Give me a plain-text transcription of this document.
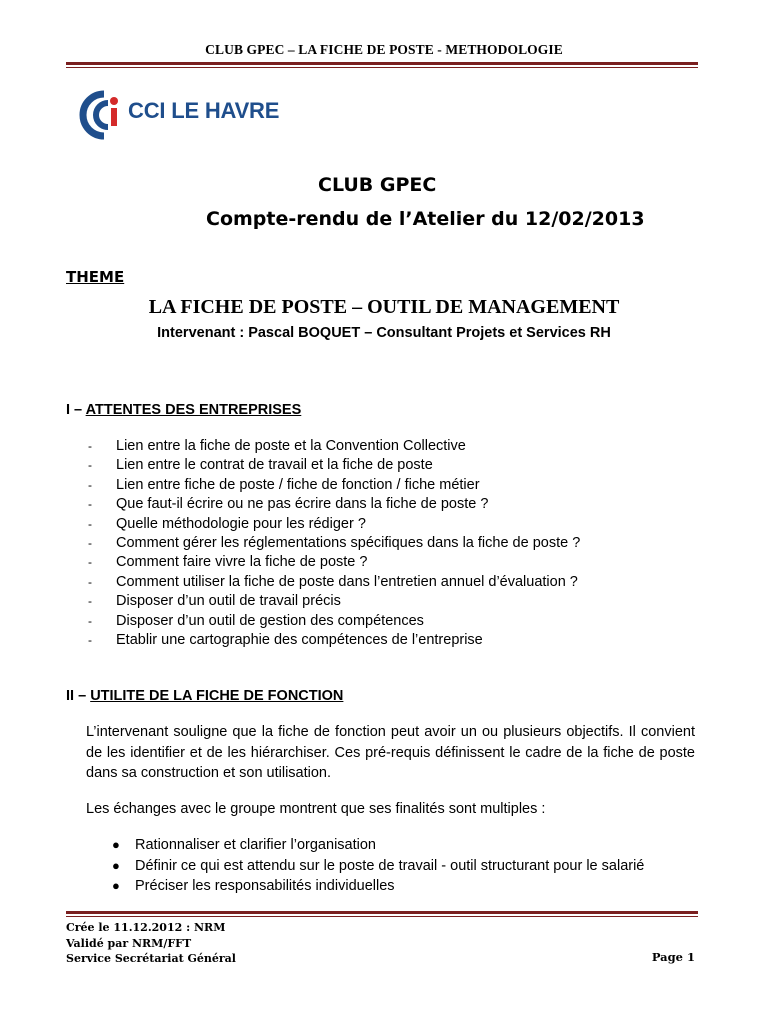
CLUB GPEC – LA FICHE DE POSTE - METHODOLOGIE
CCI LE HAVRE
CLUB GPEC
Compte-rendu de l’Atelier du 12/02/2013
THEME
LA FICHE DE POSTE – OUTIL DE MANAGEMENT
Intervenant : Pascal BOQUET – Consultant Projets et Services RH
I – ATTENTES DES ENTREPRISES
- Lien entre la fiche de poste et la Convention Collective
- Lien entre le contrat de travail et la fiche de poste
- Lien entre fiche de poste / fiche de fonction / fiche métier
- Que faut-il écrire ou ne pas écrire dans la fiche de poste ?
- Quelle méthodologie pour les rédiger ?
- Comment gérer les réglementations spécifiques dans la fiche de poste ?
- Comment faire vivre la fiche de poste ?
- Comment utiliser la fiche de poste dans l’entretien annuel d’évaluation ?
- Disposer d’un outil de travail précis
- Disposer d’un outil de gestion des compétences
- Etablir une cartographie des compétences de l’entreprise
II – UTILITE DE LA FICHE DE FONCTION

L’intervenant souligne que la fiche de fonction peut avoir un ou plusieurs objectifs. Il convient de les identifier et de les hiérarchiser. Ces pré-requis définissent le cadre de la fiche de poste dans sa construction et son utilisation.

Les échanges avec le groupe montrent que ses finalités sont multiples :

● Rationnaliser et clarifier l’organisation
● Définir ce qui est attendu sur le poste de travail - outil structurant pour le salarié
● Préciser les responsabilités individuelles
Crée le 11.12.2012 : NRM
Validé par NRM/FFT
Service Secrétariat Général	Page 1
